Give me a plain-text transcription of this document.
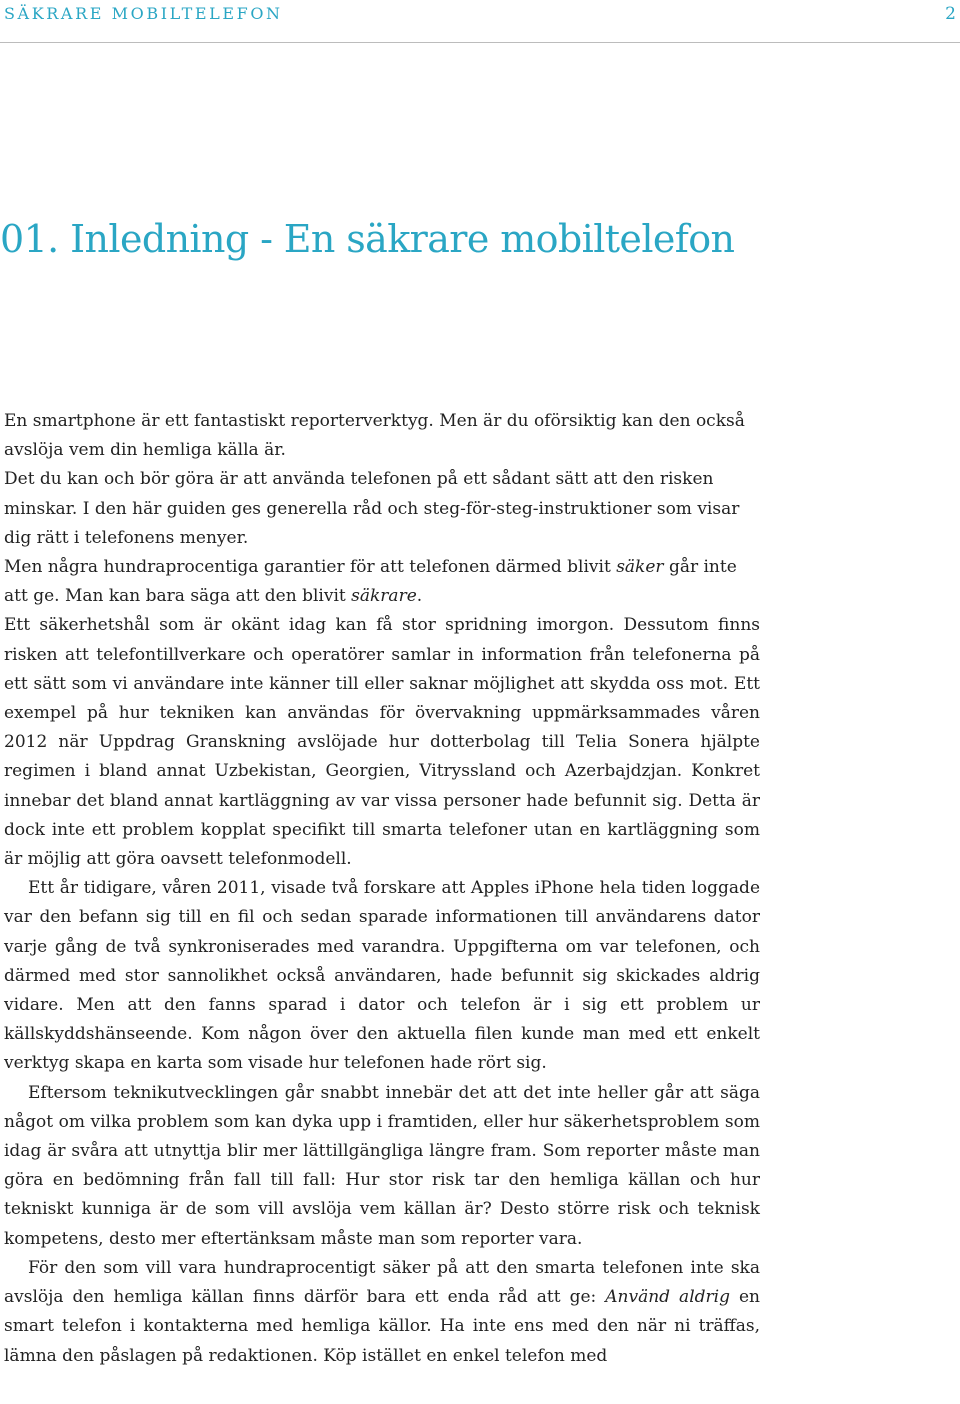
SÄKRARE MOBILTELEFON	2
01. Inledning - En säkrare mobiltelefon

En smartphone är ett fantastiskt reporterverktyg. Men är du oförsiktig kan den också avslöja vem din hemliga källa är.

Det du kan och bör göra är att använda telefonen på ett sådant sätt att den risken minskar. I den här guiden ges generella råd och steg-för-steg-instruktioner som visar dig rätt i telefonens menyer.

Men några hundraprocentiga garantier för att telefonen därmed blivit säker går inte att ge. Man kan bara säga att den blivit säkrare.

Ett säkerhetshål som är okänt idag kan få stor spridning imorgon. Dessutom finns risken att telefontillverkare och operatörer samlar in information från telefonerna på ett sätt som vi användare inte känner till eller saknar möjlighet att skydda oss mot. Ett exempel på hur tekniken kan användas för övervakning uppmärksammades våren 2012 när Uppdrag Granskning avslöjade hur dotterbolag till Telia Sonera hjälpte regimen i bland annat Uzbekistan, Georgien, Vitryssland och Azerbajdzjan. Konkret innebar det bland annat kartläggning av var vissa personer hade befunnit sig. Detta är dock inte ett problem kopplat specifikt till smarta telefoner utan en kartläggning som är möjlig att göra oavsett telefonmodell.

Ett år tidigare, våren 2011, visade två forskare att Apples iPhone hela tiden loggade var den befann sig till en fil och sedan sparade informationen till användarens dator varje gång de två synkroniserades med varandra. Uppgifterna om var telefonen, och därmed med stor sannolikhet också användaren, hade befunnit sig skickades aldrig vidare. Men att den fanns sparad i dator och telefon är i sig ett problem ur källskyddshänseende. Kom någon över den aktuella filen kunde man med ett enkelt verktyg skapa en karta som visade hur telefonen hade rört sig.

Eftersom teknikutvecklingen går snabbt innebär det att det inte heller går att säga något om vilka problem som kan dyka upp i framtiden, eller hur säkerhetsproblem som idag är svåra att utnyttja blir mer lättillgängliga längre fram. Som reporter måste man göra en bedömning från fall till fall: Hur stor risk tar den hemliga källan och hur tekniskt kunniga är de som vill avslöja vem källan är? Desto större risk och teknisk kompetens, desto mer eftertänksam måste man som reporter vara.

För den som vill vara hundraprocentigt säker på att den smarta telefonen inte ska avslöja den hemliga källan finns därför bara ett enda råd att ge: Använd aldrig en smart telefon i kontakterna med hemliga källor. Ha inte ens med den när ni träffas, lämna den påslagen på redaktionen. Köp istället en enkel telefon med
